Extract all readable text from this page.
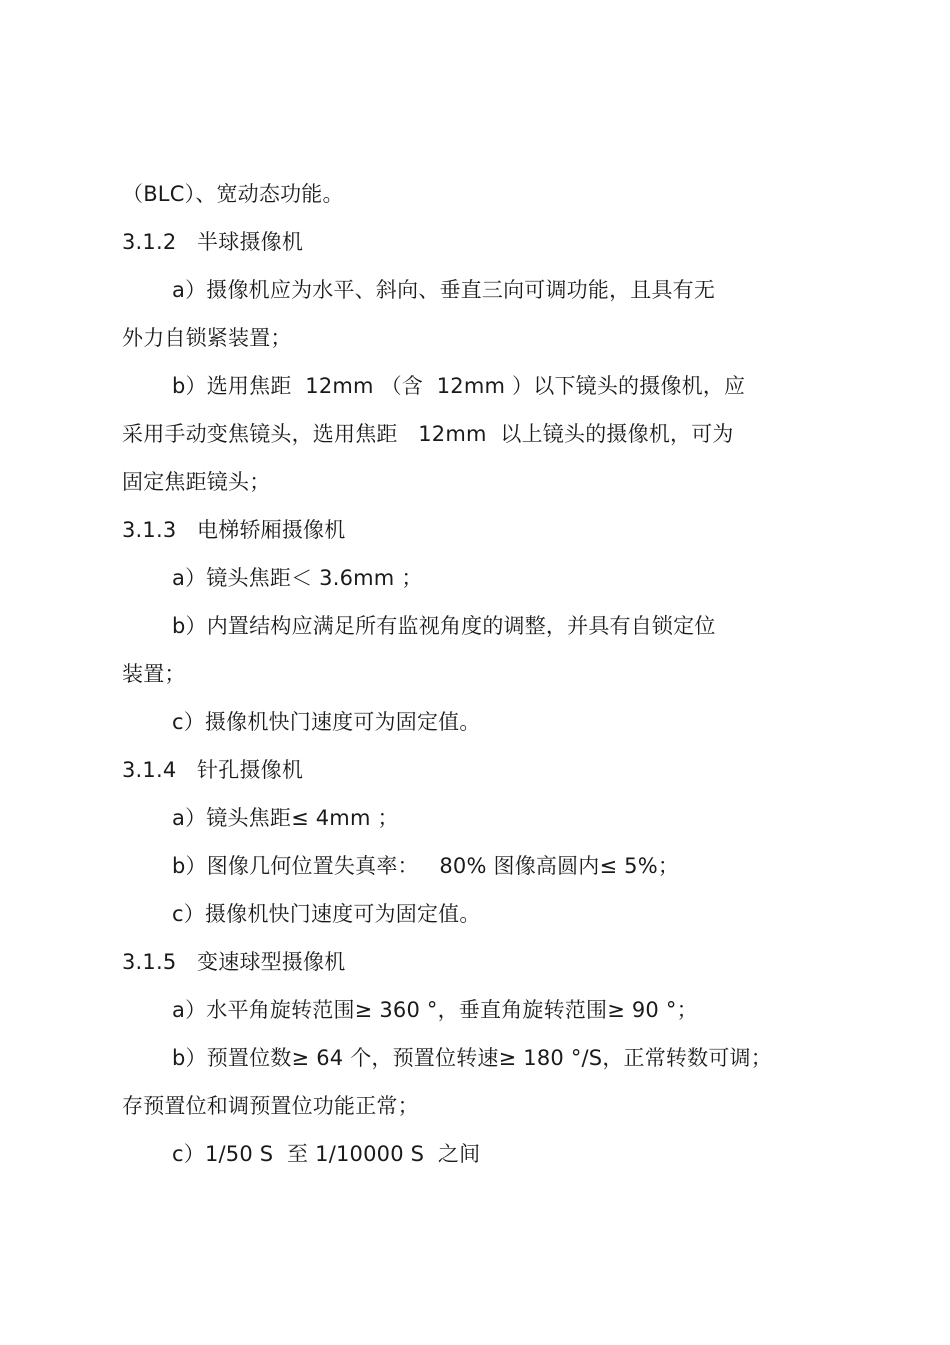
（BLC）、宽动态功能。
3.1.2   半球摄像机
a）摄像机应为水平、斜向、垂直三向可调功能，且具有无
外力自锁紧装置；
b）选用焦距  12mm （含  12mm ）以下镜头的摄像机，应
采用手动变焦镜头，选用焦距   12mm  以上镜头的摄像机，可为
固定焦距镜头；
3.1.3   电梯轿厢摄像机
a）镜头焦距＜ 3.6mm ；
b）内置结构应满足所有监视角度的调整，并具有自锁定位
装置；
c）摄像机快门速度可为固定值。
3.1.4   针孔摄像机
a）镜头焦距≤ 4mm ；
b）图像几何位置失真率：   80% 图像高圆内≤ 5%；
c）摄像机快门速度可为固定值。
3.1.5   变速球型摄像机
a）水平角旋转范围≥ 360 °，垂直角旋转范围≥ 90 °；
b）预置位数≥ 64 个，预置位转速≥ 180 °/S，正常转数可调；
存预置位和调预置位功能正常；
c）1/50 S  至 1/10000 S  之间
